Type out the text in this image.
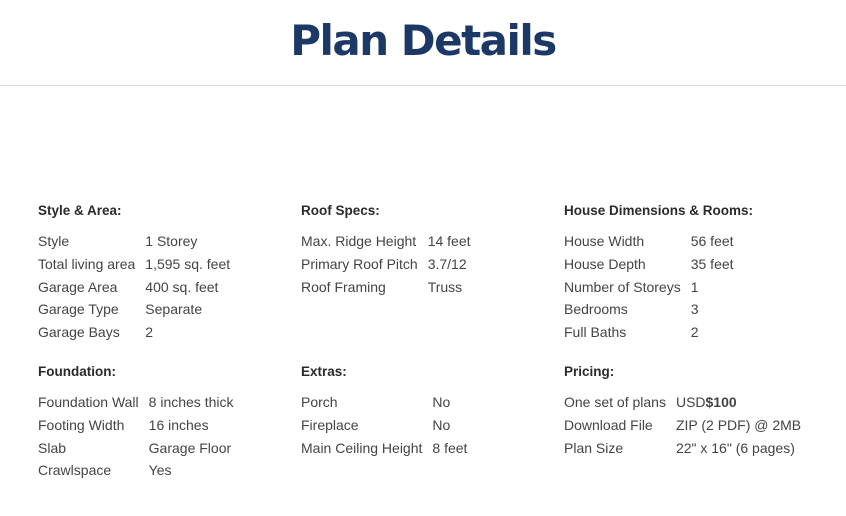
Plan Details
Style & Area:
Style	1 Storey
Total living area	1,595 sq. feet
Garage Area	400 sq. feet
Garage Type	Separate
Garage Bays	2
Roof Specs:
Max. Ridge Height	14 feet
Primary Roof Pitch	3.7/12
Roof Framing	Truss
House Dimensions & Rooms:
House Width	56 feet
House Depth	35 feet
Number of Storeys	1
Bedrooms	3
Full Baths	2
Foundation:
Foundation Wall	8 inches thick
Footing Width	16 inches
Slab	Garage Floor
Crawlspace	Yes
Extras:
Porch	No
Fireplace	No
Main Ceiling Height	8 feet
Pricing:
One set of plans	USD$100
Download File	ZIP (2 PDF) @ 2MB
Plan Size	22" x 16" (6 pages)
